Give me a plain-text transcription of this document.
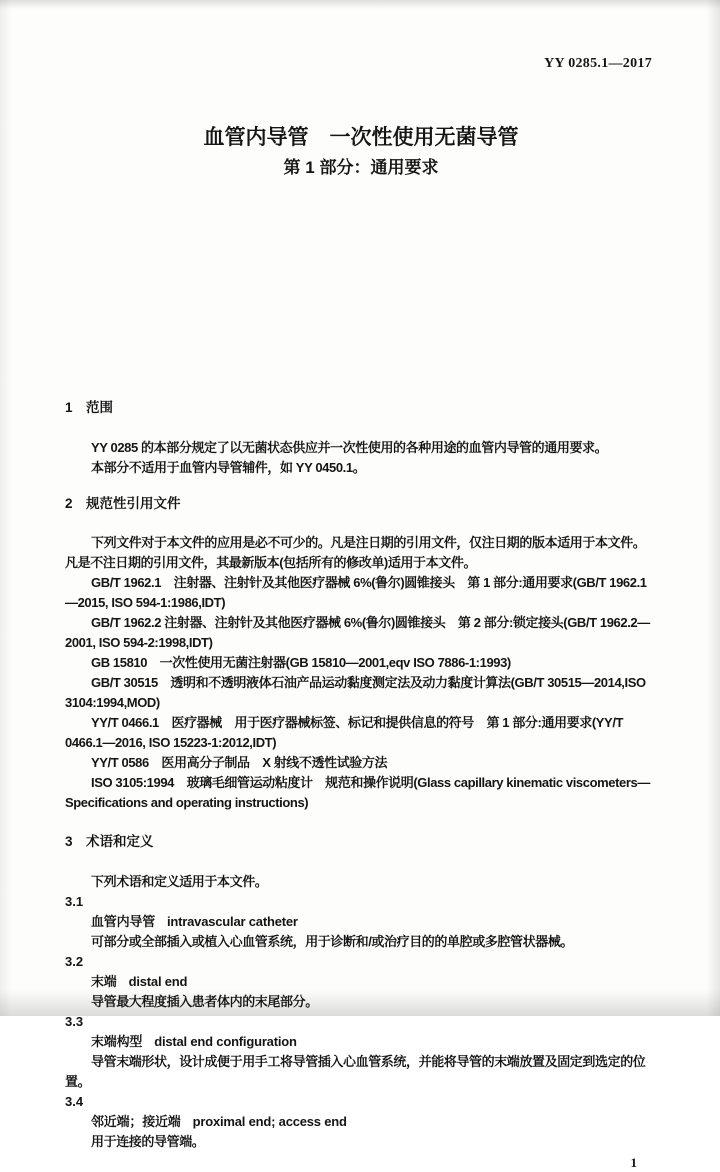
YY 0285.1—2017
血管内导管　一次性使用无菌导管
第 1 部分：通用要求
1　范围

YY 0285 的本部分规定了以无菌状态供应并一次性使用的各种用途的血管内导管的通用要求。

本部分不适用于血管内导管辅件，如 YY 0450.1。

2　规范性引用文件

下列文件对于本文件的应用是必不可少的。凡是注日期的引用文件，仅注日期的版本适用于本文件。凡是不注日期的引用文件，其最新版本(包括所有的修改单)适用于本文件。

GB/T 1962.1　注射器、注射针及其他医疗器械 6%(鲁尔)圆锥接头　第 1 部分:通用要求(GB/T 1962.1—2015, ISO 594-1:1986,IDT)

GB/T 1962.2 注射器、注射针及其他医疗器械 6%(鲁尔)圆锥接头　第 2 部分:锁定接头(GB/T 1962.2—2001, ISO 594-2:1998,IDT)

GB 15810　一次性使用无菌注射器(GB 15810—2001,eqv ISO 7886-1:1993)

GB/T 30515　透明和不透明液体石油产品运动黏度测定法及动力黏度计算法(GB/T 30515—2014,ISO 3104:1994,MOD)

YY/T 0466.1　医疗器械　用于医疗器械标签、标记和提供信息的符号　第 1 部分:通用要求(YY/T 0466.1—2016, ISO 15223-1:2012,IDT)

YY/T 0586　医用高分子制品　X 射线不透性试验方法

ISO 3105:1994　玻璃毛细管运动粘度计　规范和操作说明(Glass capillary kinematic viscometers—Specifications and operating instructions)

3　术语和定义

下列术语和定义适用于本文件。

3.1

血管内导管 intravascular catheter

可部分或全部插入或植入心血管系统，用于诊断和/或治疗目的的单腔或多腔管状器械。

3.2

末端 distal end

导管最大程度插入患者体内的末尾部分。

3.3

末端构型 distal end configuration

导管末端形状，设计成便于用手工将导管插入心血管系统，并能将导管的末端放置及固定到选定的位置。

3.4

邻近端；接近端 proximal end; access end

用于连接的导管端。

1
